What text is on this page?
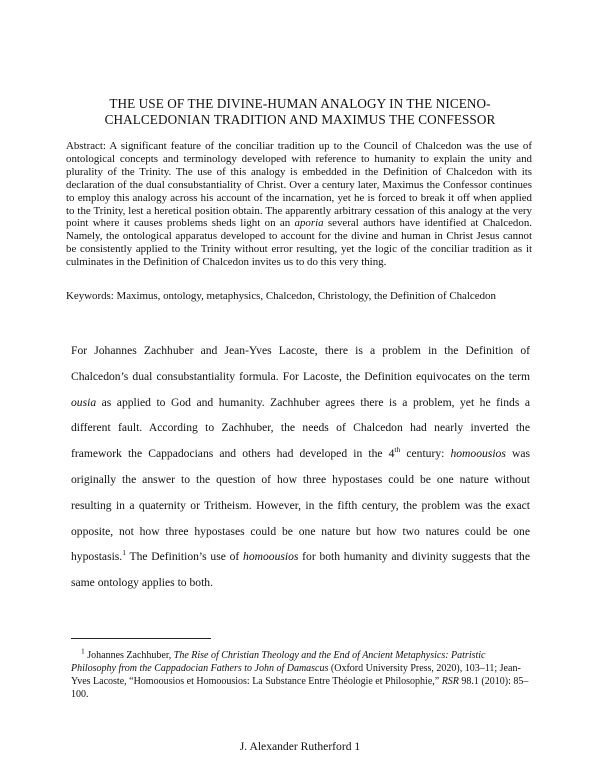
THE USE OF THE DIVINE-HUMAN ANALOGY IN THE NICENO-
CHALCEDONIAN TRADITION AND MAXIMUS THE CONFESSOR

Abstract: A significant feature of the conciliar tradition up to the Council of Chalcedon was the use of ontological concepts and terminology developed with reference to humanity to explain the unity and plurality of the Trinity. The use of this analogy is embedded in the Definition of Chalcedon with its declaration of the dual consubstantiality of Christ. Over a century later, Maximus the Confessor continues to employ this analogy across his account of the incarnation, yet he is forced to break it off when applied to the Trinity, lest a heretical position obtain. The apparently arbitrary cessation of this analogy at the very point where it causes problems sheds light on an aporia several authors have identified at Chalcedon. Namely, the ontological apparatus developed to account for the divine and human in Christ Jesus cannot be consistently applied to the Trinity without error resulting, yet the logic of the conciliar tradition as it culminates in the Definition of Chalcedon invites us to do this very thing.

Keywords: Maximus, ontology, metaphysics, Chalcedon, Christology, the Definition of Chalcedon

For Johannes Zachhuber and Jean-Yves Lacoste, there is a problem in the Definition of Chalcedon’s dual consubstantiality formula. For Lacoste, the Definition equivocates on the term ousia as applied to God and humanity. Zachhuber agrees there is a problem, yet he finds a different fault. According to Zachhuber, the needs of Chalcedon had nearly inverted the framework the Cappadocians and others had developed in the 4th century: homoousios was originally the answer to the question of how three hypostases could be one nature without resulting in a quaternity or Tritheism. However, in the fifth century, the problem was the exact opposite, not how three hypostases could be one nature but how two natures could be one hypostasis.$^1$ The Definition’s use of homoousios for both humanity and divinity suggests that the same ontology applies to both.

$^1$ Johannes Zachhuber, The Rise of Christian Theology and the End of Ancient Metaphysics: Patristic Philosophy from the Cappadocian Fathers to John of Damascus (Oxford University Press, 2020), 103–11; Jean-Yves Lacoste, “Homoousios et Homoousios: La Substance Entre Théologie et Philosophie,” RSR 98.1 (2010): 85–100.

J. Alexander Rutherford 1
